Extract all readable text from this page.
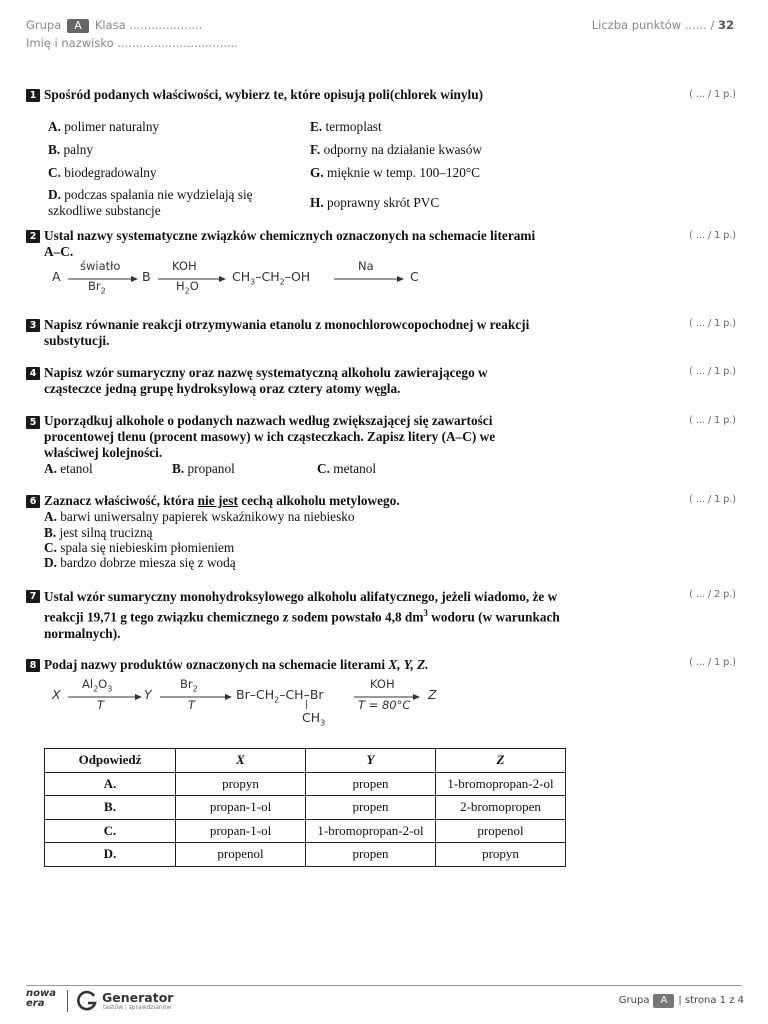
Grupa A Klasa ....................
Imię i nazwisko .................................
Liczba punktów ...... / 32
1 Spośród podanych właściwości, wybierz te, które opisują poli(chlorek winylu)	( ... / 1 p.)
A. polimer naturalny	E. termoplast
B. palny	F. odporny na działanie kwasów
C. biodegradowalny	G. mięknie w temp. 100–120°C
D. podczas spalania nie wydzielają się szkodliwe substancje	H. poprawny skrót PVC
2 Ustal nazwy systematyczne związków chemicznych oznaczonych na schemacie literami A–C.
( ... / 1 p.)
A
światło
$Br_2$
B
KOH
$H_2O$
$CH_3-CH_2-OH$
Na
C
3 Napisz równanie reakcji otrzymywania etanolu z monochlorowcopochodnej w reakcji substytucji.
( ... / 1 p.)
4 Napisz wzór sumaryczny oraz nazwę systematyczną alkoholu zawierającego w cząsteczce jedną grupę hydroksylową oraz cztery atomy węgla.
( ... / 1 p.)
5 Uporządkuj alkohole o podanych nazwach według zwiększającej się zawartości procentowej tlenu (procent masowy) w ich cząsteczkach. Zapisz litery (A–C) we właściwej kolejności.
( ... / 1 p.)
A. etanol	B. propanol	C. metanol
6 Zaznacz właściwość, która nie jest cechą alkoholu metylowego.	( ... / 1 p.)
A. barwi uniwersalny papierek wskaźnikowy na niebiesko
B. jest silną trucizną
C. spala się niebieskim płomieniem
D. bardzo dobrze miesza się z wodą
7 Ustal wzór sumaryczny monohydroksylowego alkoholu alifatycznego, jeżeli wiadomo, że w reakcji 19,71 g tego związku chemicznego z sodem powstało 4,8 $dm^3$ wodoru (w warunkach normalnych).
( ... / 2 p.)
8 Podaj nazwy produktów oznaczonych na schemacie literami X, Y, Z.	( ... / 1 p.)
X
$Al_2O_3$
T
Y
$Br_2$
T
$Br-CH_2-CH-Br$
|
$CH_3$
KOH
T = 80°C
Z
Odpowiedź	X	Y	Z
A.	propyn	propen	1-bromopropan-2-ol
B.	propan-1-ol	propen	2-bromopropen
C.	propan-1-ol	1-bromopropan-2-ol	propenol
D.	propenol	propen	propyn
nowa era	Generator
testów i sprawdzianów
Grupa A | strona 1 z 4
